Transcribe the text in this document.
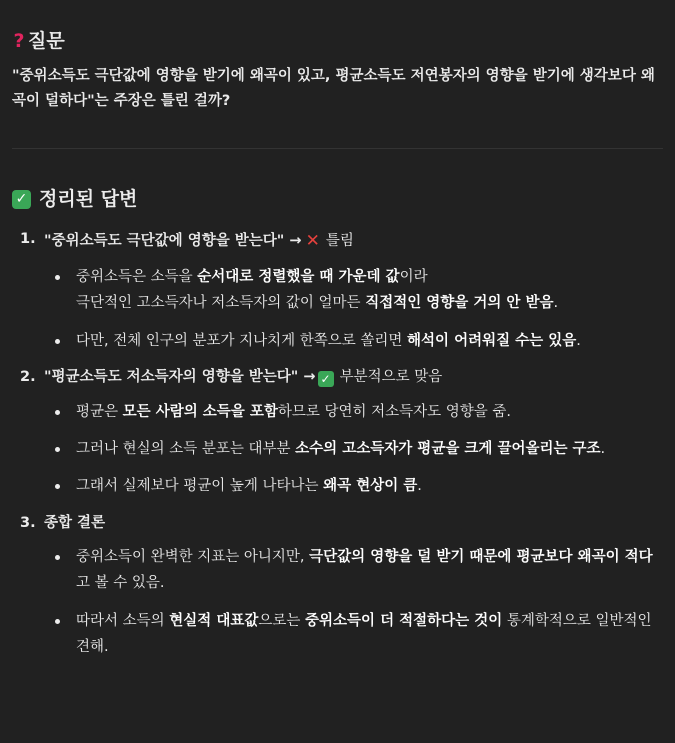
? 질문

"중위소득도 극단값에 영향을 받기에 왜곡이 있고, 평균소득도 저연봉자의 영향을 받기에 생각보다 왜곡이 덜하다"는 주장은 틀린 걸까?

✓ 정리된 답변
1. "중위소득도 극단값에 영향을 받는다" → ✕ 틀림
중위소득은 소득을 순서대로 정렬했을 때 가운데 값이라
극단적인 고소득자나 저소득자의 값이 얼마든 직접적인 영향을 거의 안 받음.
다만, 전체 인구의 분포가 지나치게 한쪽으로 쏠리면 해석이 어려워질 수는 있음.
2. "평균소득도 저소득자의 영향을 받는다" → ✓ 부분적으로 맞음
평균은 모든 사람의 소득을 포함하므로 당연히 저소득자도 영향을 줌.
그러나 현실의 소득 분포는 대부분 소수의 고소득자가 평균을 크게 끌어올리는 구조.
그래서 실제보다 평균이 높게 나타나는 왜곡 현상이 큼.
3. 종합 결론
중위소득이 완벽한 지표는 아니지만, 극단값의 영향을 덜 받기 때문에 평균보다 왜곡이 적다고 볼 수 있음.
따라서 소득의 현실적 대표값으로는 중위소득이 더 적절하다는 것이 통계학적으로 일반적인 견해.
